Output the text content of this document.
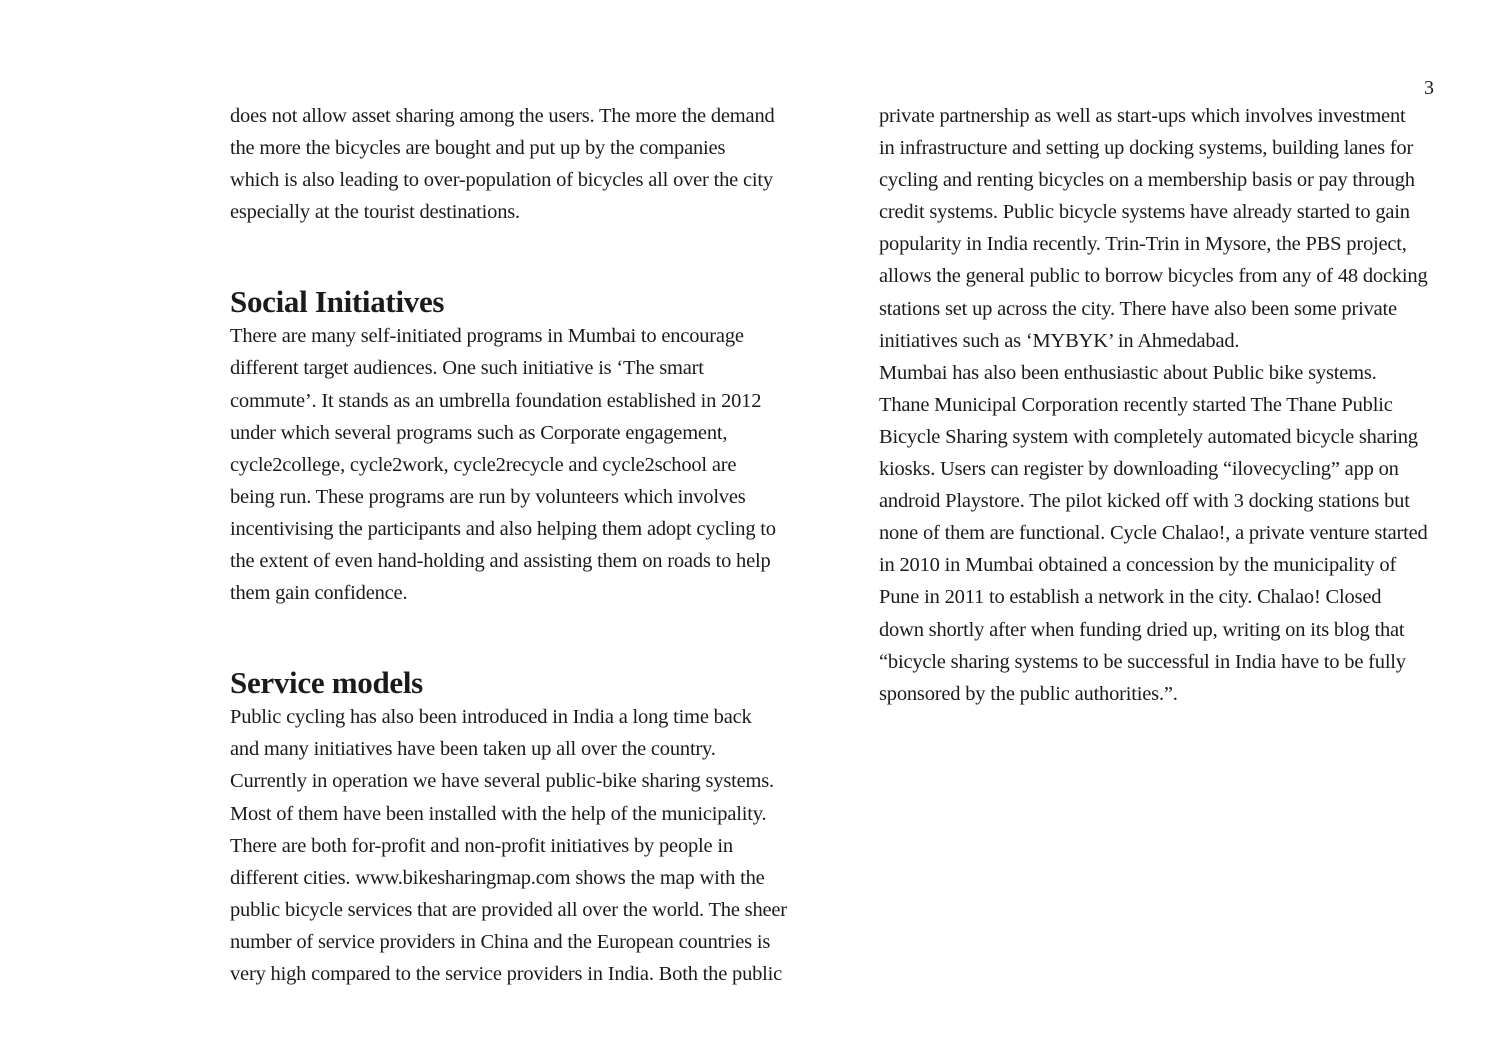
3
does not allow asset sharing among the users. The more the demand
the more the bicycles are bought and put up by the companies
which is also leading to over-population of bicycles all over the city
especially at the tourist destinations.
Social Initiatives
There are many self-initiated programs in Mumbai to encourage
different target audiences. One such initiative is ‘The smart
commute’. It stands as an umbrella foundation established in 2012
under which several programs such as Corporate engagement,
cycle2college, cycle2work, cycle2recycle and cycle2school are
being run. These programs are run by volunteers which involves
incentivising the participants and also helping them adopt cycling to
the extent of even hand-holding and assisting them on roads to help
them gain confidence.
Service models
Public cycling has also been introduced in India a long time back
and many initiatives have been taken up all over the country.
Currently in operation we have several public-bike sharing systems.
Most of them have been installed with the help of the municipality.
There are both for-profit and non-profit initiatives by people in
different cities. www.bikesharingmap.com shows the map with the
public bicycle services that are provided all over the world. The sheer
number of service providers in China and the European countries is
very high compared to the service providers in India. Both the public
private partnership as well as start-ups which involves investment
in infrastructure and setting up docking systems, building lanes for
cycling and renting bicycles on a membership basis or pay through
credit systems. Public bicycle systems have already started to gain
popularity in India recently. Trin-Trin in Mysore, the PBS project,
allows the general public to borrow bicycles from any of 48 docking
stations set up across the city. There have also been some private
initiatives such as ‘MYBYK’ in Ahmedabad.
Mumbai has also been enthusiastic about Public bike systems.
Thane Municipal Corporation recently started The Thane Public
Bicycle Sharing system with completely automated bicycle sharing
kiosks. Users can register by downloading “ilovecycling” app on
android Playstore. The pilot kicked off with 3 docking stations but
none of them are functional. Cycle Chalao!, a private venture started
in 2010 in Mumbai obtained a concession by the municipality of
Pune in 2011 to establish a network in the city. Chalao! Closed
down shortly after when funding dried up, writing on its blog that
“bicycle sharing systems to be successful in India have to be fully
sponsored by the public authorities.”.
